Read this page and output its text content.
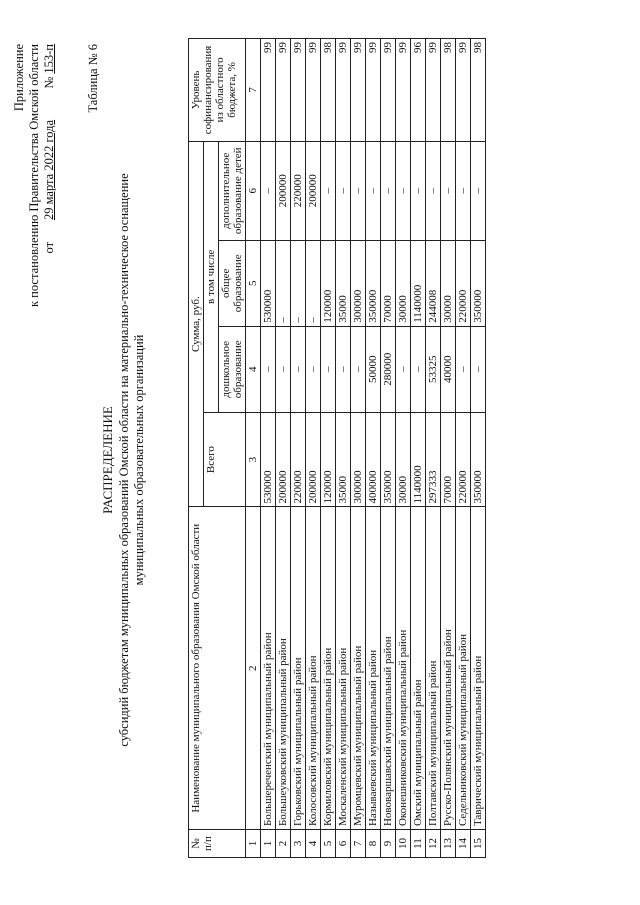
Приложение к постановлению Правительства Омской области от       29 марта 2022 года          № 153-п Таблица № 6
РАСПРЕДЕЛЕНИЕ субсидий бюджетам муниципальных образований Омской области на материально-техническое оснащение муниципальных образовательных организаций
№ п/п	Наименование муниципального образования Омской области	Сумма, руб.				Уровень софинансирования из областного бюджета, %
		Всего	в том числе			
			дошкольное образование	общее образование	дополнительное образование детей	
1	2	3	4	5	6	7
1	Большереченский муниципальный район	530000	–	530000	–	99
2	Большеуковский муниципальный район	200000	–	–	200000	99
3	Горьковский муниципальный район	220000	–	–	220000	99
4	Колосовский муниципальный район	200000	–	–	200000	99
5	Кормиловский муниципальный район	120000	–	120000	–	98
6	Москаленский муниципальный район	35000	–	35000	–	99
7	Муромцевский муниципальный район	300000	–	300000	–	99
8	Называевский муниципальный район	400000	50000	350000	–	99
9	Нововаршавский муниципальный район	350000	280000	70000	–	99
10	Оконешниковский муниципальный район	30000	–	30000	–	99
11	Омский муниципальный район	1140000	–	1140000	–	96
12	Полтавский муниципальный район	297333	53325	244008	–	99
13	Русско-Полянский муниципальный район	70000	40000	30000	–	98
14	Седельниковский муниципальный район	220000	–	220000	–	99
15	Таврический муниципальный район	350000	–	350000	–	98
